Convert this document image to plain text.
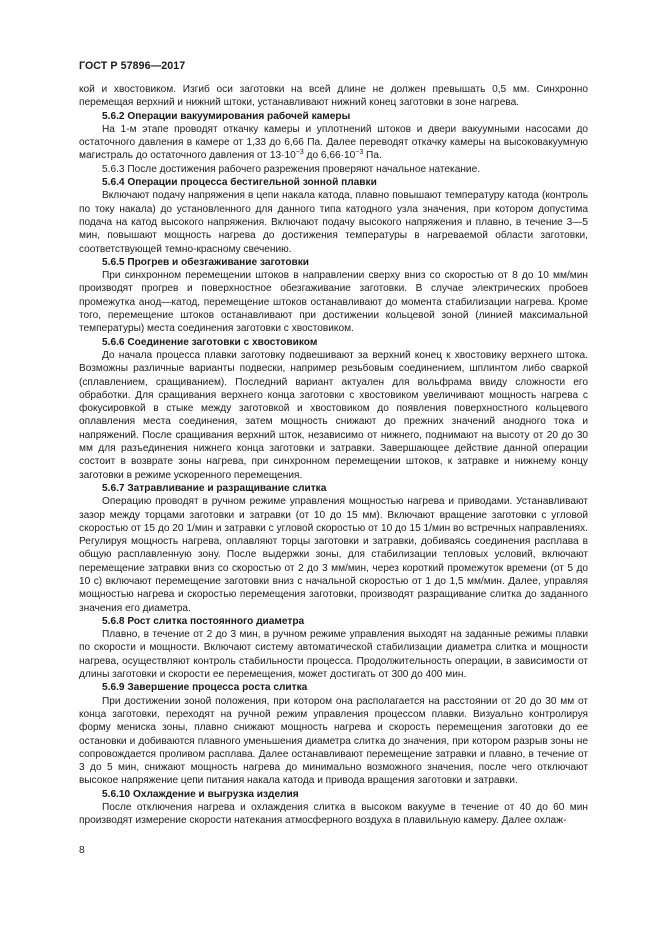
ГОСТ Р 57896—2017

кой и хвостовиком. Изгиб оси заготовки на всей длине не должен превышать 0,5 мм. Синхронно перемещая верхний и нижний штоки, устанавливают нижний конец заготовки в зоне нагрева.

5.6.2 Операции вакуумирования рабочей камеры

На 1-м этапе проводят откачку камеры и уплотнений штоков и двери вакуумными насосами до остаточного давления в камере от 1,33 до 6,66 Па. Далее переводят откачку камеры на высоковакуумную магистраль до остаточного давления от $13\cdot 10^{-3}$ до $6,66\cdot 10^{-3}$ Па.

5.6.3 После достижения рабочего разрежения проверяют начальное натекание.

5.6.4 Операции процесса бестигельной зонной плавки

Включают подачу напряжения в цепи накала катода, плавно повышают температуру катода (контроль по току накала) до установленного для данного типа катодного узла значения, при котором допустима подача на катод высокого напряжения. Включают подачу высокого напряжения и плавно, в течение 3—5 мин, повышают мощность нагрева до достижения температуры в нагреваемой области заготовки, соответствующей темно-красному свечению.

5.6.5 Прогрев и обезгаживание заготовки

При синхронном перемещении штоков в направлении сверху вниз со скоростью от 8 до 10 мм/мин производят прогрев и поверхностное обезгаживание заготовки. В случае электрических пробоев промежутка анод—катод, перемещение штоков останавливают до момента стабилизации нагрева. Кроме того, перемещение штоков останавливают при достижении кольцевой зоной (линией максимальной температуры) места соединения заготовки с хвостовиком.

5.6.6 Соединение заготовки с хвостовиком

До начала процесса плавки заготовку подвешивают за верхний конец к хвостовику верхнего штока. Возможны различные варианты подвески, например резьбовым соединением, шплинтом либо сваркой (сплавлением, сращиванием). Последний вариант актуален для вольфрама ввиду сложности его обработки. Для сращивания верхнего конца заготовки с хвостовиком увеличивают мощность нагрева с фокусировкой в стыке между заготовкой и хвостовиком до появления поверхностного кольцевого оплавления места соединения, затем мощность снижают до прежних значений анодного тока и напряжений. После сращивания верхний шток, независимо от нижнего, поднимают на высоту от 20 до 30 мм для разъединения нижнего конца заготовки и затравки. Завершающее действие данной операции состоит в возврате зоны нагрева, при синхронном перемещении штоков, к затравке и нижнему концу заготовки в режиме ускоренного перемещения.

5.6.7 Затравливание и разращивание слитка

Операцию проводят в ручном режиме управления мощностью нагрева и приводами. Устанавливают зазор между торцами заготовки и затравки (от 10 до 15 мм). Включают вращение заготовки с угловой скоростью от 15 до 20 1/мин и затравки с угловой скоростью от 10 до 15 1/мин во встречных направлениях. Регулируя мощность нагрева, оплавляют торцы заготовки и затравки, добиваясь соединения расплава в общую расплавленную зону. После выдержки зоны, для стабилизации тепловых условий, включают перемещение затравки вниз со скоростью от 2 до 3 мм/мин, через короткий промежуток времени (от 5 до 10 с) включают перемещение заготовки вниз с начальной скоростью от 1 до 1,5 мм/мин. Далее, управляя мощностью нагрева и скоростью перемещения заготовки, производят разращивание слитка до заданного значения его диаметра.

5.6.8 Рост слитка постоянного диаметра

Плавно, в течение от 2 до 3 мин, в ручном режиме управления выходят на заданные режимы плавки по скорости и мощности. Включают систему автоматической стабилизации диаметра слитка и мощности нагрева, осуществляют контроль стабильности процесса. Продолжительность операции, в зависимости от длины заготовки и скорости ее перемещения, может достигать от 300 до 400 мин.

5.6.9 Завершение процесса роста слитка

При достижении зоной положения, при котором она располагается на расстоянии от 20 до 30 мм от конца заготовки, переходят на ручной режим управления процессом плавки. Визуально контролируя форму мениска зоны, плавно снижают мощность нагрева и скорость перемещения заготовки до ее остановки и добиваются плавного уменьшения диаметра слитка до значения, при котором разрыв зоны не сопровождается проливом расплава. Далее останавливают перемещение затравки и плавно, в течение от 3 до 5 мин, снижают мощность нагрева до минимально возможного значения, после чего отключают высокое напряжение цепи питания накала катода и привода вращения заготовки и затравки.

5.6.10 Охлаждение и выгрузка изделия

После отключения нагрева и охлаждения слитка в высоком вакууме в течение от 40 до 60 мин производят измерение скорости натекания атмосферного воздуха в плавильную камеру. Далее охлаж-

8
